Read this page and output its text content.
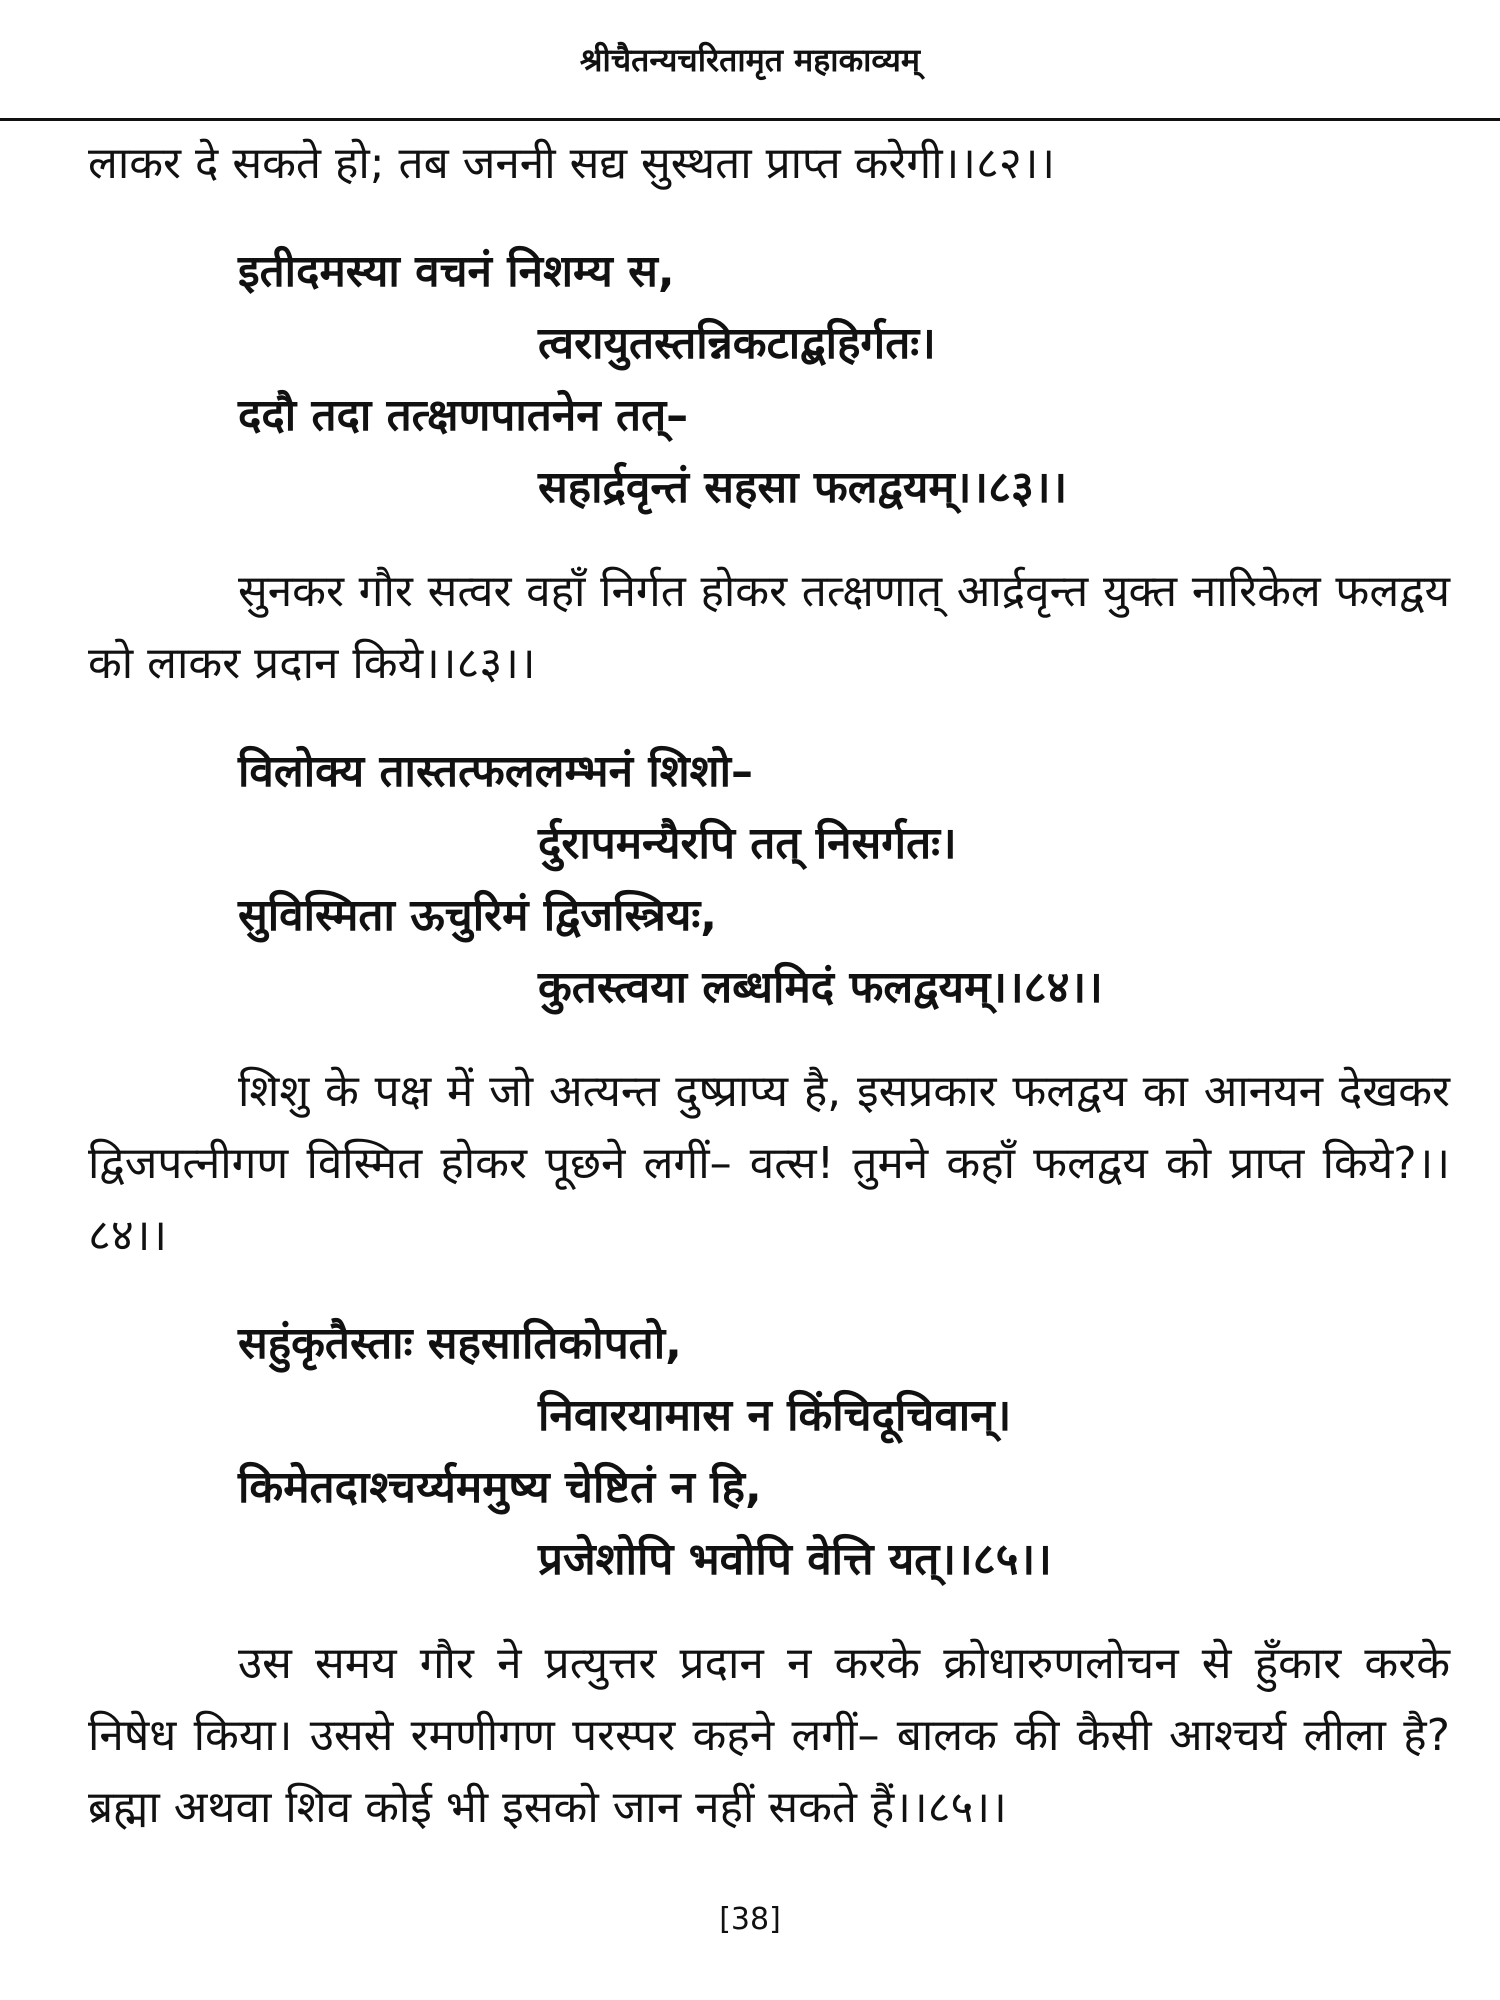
श्रीचैतन्यचरितामृत महाकाव्यम्

लाकर दे सकते हो; तब जननी सद्य सुस्थता प्राप्त करेगी।।८२।।

इतीदमस्या वचनं निशम्य स,
त्वरायुतस्तन्निकटाद्बहिर्गतः।
ददौ तदा तत्क्षणपातनेन तत्–
सहार्द्रवृन्तं सहसा फलद्वयम्।।८३।।

सुनकर गौर सत्वर वहाँ निर्गत होकर तत्क्षणात् आर्द्रवृन्त युक्त नारिकेल फलद्वय को लाकर प्रदान किये।।८३।।

विलोक्य तास्तत्फललम्भनं शिशो–
र्दुरापमन्यैरपि तत् निसर्गतः।
सुविस्मिता ऊचुरिमं द्विजस्त्रियः,
कुतस्त्वया लब्धमिदं फलद्वयम्।।८४।।

शिशु के पक्ष में जो अत्यन्त दुष्प्राप्य है, इसप्रकार फलद्वय का आनयन देखकर द्विजपत्नीगण विस्मित होकर पूछने लगीं– वत्स! तुमने कहाँ फलद्वय को प्राप्त किये?।।८४।।

सहुंकृतैस्ताः सहसातिकोपतो,
निवारयामास न किंचिदूचिवान्।
किमेतदाश्चर्य्यममुष्य चेष्टितं न हि,
प्रजेशोपि भवोपि वेत्ति यत्।।८५।।

उस समय गौर ने प्रत्युत्तर प्रदान न करके क्रोधारुणलोचन से हुँकार करके निषेध किया। उससे रमणीगण परस्पर कहने लगीं– बालक की कैसी आश्चर्य लीला है? ब्रह्मा अथवा शिव कोई भी इसको जान नहीं सकते हैं।।८५।।

[38]
